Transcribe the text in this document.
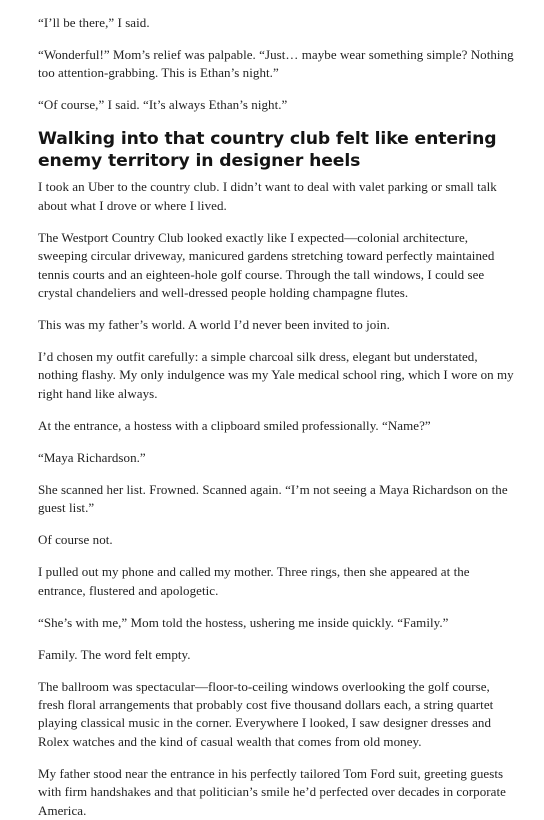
“I’ll be there,” I said.

“Wonderful!” Mom’s relief was palpable. “Just… maybe wear something simple? Nothing too attention-grabbing. This is Ethan’s night.”

“Of course,” I said. “It’s always Ethan’s night.”

Walking into that country club felt like entering enemy territory in designer heels

I took an Uber to the country club. I didn’t want to deal with valet parking or small talk about what I drove or where I lived.

The Westport Country Club looked exactly like I expected—colonial architecture, sweeping circular driveway, manicured gardens stretching toward perfectly maintained tennis courts and an eighteen-hole golf course. Through the tall windows, I could see crystal chandeliers and well-dressed people holding champagne flutes.

This was my father’s world. A world I’d never been invited to join.

I’d chosen my outfit carefully: a simple charcoal silk dress, elegant but understated, nothing flashy. My only indulgence was my Yale medical school ring, which I wore on my right hand like always.

At the entrance, a hostess with a clipboard smiled professionally. “Name?”

“Maya Richardson.”

She scanned her list. Frowned. Scanned again. “I’m not seeing a Maya Richardson on the guest list.”

Of course not.

I pulled out my phone and called my mother. Three rings, then she appeared at the entrance, flustered and apologetic.

“She’s with me,” Mom told the hostess, ushering me inside quickly. “Family.”

Family. The word felt empty.

The ballroom was spectacular—floor-to-ceiling windows overlooking the golf course, fresh floral arrangements that probably cost five thousand dollars each, a string quartet playing classical music in the corner. Everywhere I looked, I saw designer dresses and Rolex watches and the kind of casual wealth that comes from old money.

My father stood near the entrance in his perfectly tailored Tom Ford suit, greeting guests with firm handshakes and that politician’s smile he’d perfected over decades in corporate America.
